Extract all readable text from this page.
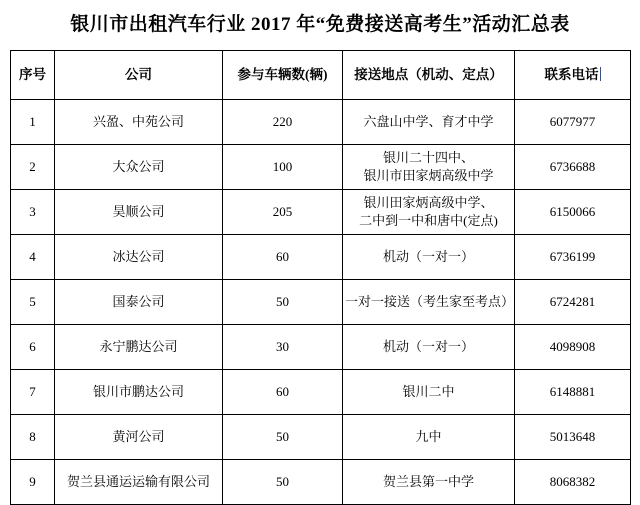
银川市出租汽车行业 2017 年“免费接送高考生”活动汇总表
序号	公司	参与车辆数(辆)	接送地点（机动、定点）	联系电话
1	兴盈、中苑公司	220	六盘山中学、育才中学	6077977
2	大众公司	100	银川二十四中、
银川市田家炳高级中学	6736688
3	昊顺公司	205	银川田家炳高级中学、
二中到一中和唐中(定点)	6150066
4	冰达公司	60	机动（一对一）	6736199
5	国泰公司	50	一对一接送（考生家至考点）	6724281
6	永宁鹏达公司	30	机动（一对一）	4098908
7	银川市鹏达公司	60	银川二中	6148881
8	黄河公司	50	九中	5013648
9	贺兰县通运运输有限公司	50	贺兰县第一中学	8068382
